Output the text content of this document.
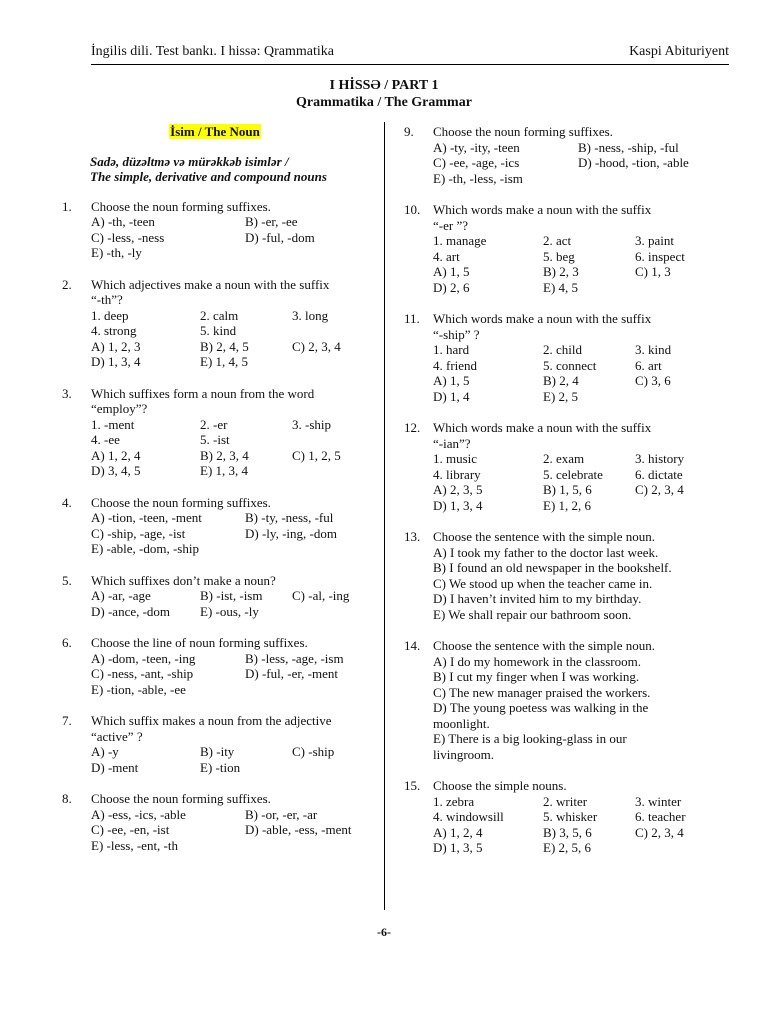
İngilis dili. Test bankı. I hissə: Qrammatika	Kaspi Abituriyent
I HİSSƏ / PART 1
Qrammatika / The Grammar
İsim / The Noun
Sadə, düzəltmə və mürəkkəb isimlər /
The simple, derivative and compound nouns
1. Choose the noun forming suffixes.
A) -th, -teen	B) -er, -ee
C) -less, -ness	D) -ful, -dom
E) -th, -ly
2. Which adjectives make a noun with the suffix
“-th”?
1. deep	2. calm	3. long
4. strong	5. kind
A) 1, 2, 3	B) 2, 4, 5	C) 2, 3, 4
D) 1, 3, 4	E) 1, 4, 5
3. Which suffixes form a noun from the word
“employ”?
1. -ment	2. -er	3. -ship
4. -ee	5. -ist
A) 1, 2, 4	B) 2, 3, 4	C) 1, 2, 5
D) 3, 4, 5	E) 1, 3, 4
4. Choose the noun forming suffixes.
A) -tion, -teen, -ment	B) -ty, -ness, -ful
C) -ship, -age, -ist	D) -ly, -ing, -dom
E) -able, -dom, -ship
5. Which suffixes don’t make a noun?
A) -ar, -age	B) -ist, -ism	C) -al, -ing
D) -ance, -dom	E) -ous, -ly
6. Choose the line of noun forming suffixes.
A) -dom, -teen, -ing	B) -less, -age, -ism
C) -ness, -ant, -ship	D) -ful, -er, -ment
E) -tion, -able, -ee
7. Which suffix makes a noun from the adjective
“active” ?
A) -y	B) -ity	C) -ship
D) -ment	E) -tion
8. Choose the noun forming suffixes.
A) -ess, -ics, -able	B) -or, -er, -ar
C) -ee, -en, -ist	D) -able, -ess, -ment
E) -less, -ent, -th
9. Choose the noun forming suffixes.
A) -ty, -ity, -teen	B) -ness, -ship, -ful
C) -ee, -age, -ics	D) -hood, -tion, -able
E) -th, -less, -ism
10. Which words make a noun with the suffix
“-er ”?
1. manage	2. act	3. paint
4. art	5. beg	6. inspect
A) 1, 5	B) 2, 3	C) 1, 3
D) 2, 6	E) 4, 5
11. Which words make a noun with the suffix
“-ship” ?
1. hard	2. child	3. kind
4. friend	5. connect	6. art
A) 1, 5	B) 2, 4	C) 3, 6
D) 1, 4	E) 2, 5
12. Which words make a noun with the suffix
“-ian”?
1. music	2. exam	3. history
4. library	5. celebrate	6. dictate
A) 2, 3, 5	B) 1, 5, 6	C) 2, 3, 4
D) 1, 3, 4	E) 1, 2, 6
13. Choose the sentence with the simple noun.
A) I took my father to the doctor last week.
B) I found an old newspaper in the bookshelf.
C) We stood up when the teacher came in.
D) I haven’t invited him to my birthday.
E) We shall repair our bathroom soon.
14. Choose the sentence with the simple noun.
A) I do my homework in the classroom.
B) I cut my finger when I was working.
C) The new manager praised the workers.
D) The young poetess was walking in the
moonlight.
E) There is a big looking-glass in our
livingroom.
15. Choose the simple nouns.
1. zebra	2. writer	3. winter
4. windowsill	5. whisker	6. teacher
A) 1, 2, 4	B) 3, 5, 6	C) 2, 3, 4
D) 1, 3, 5	E) 2, 5, 6
-6-
